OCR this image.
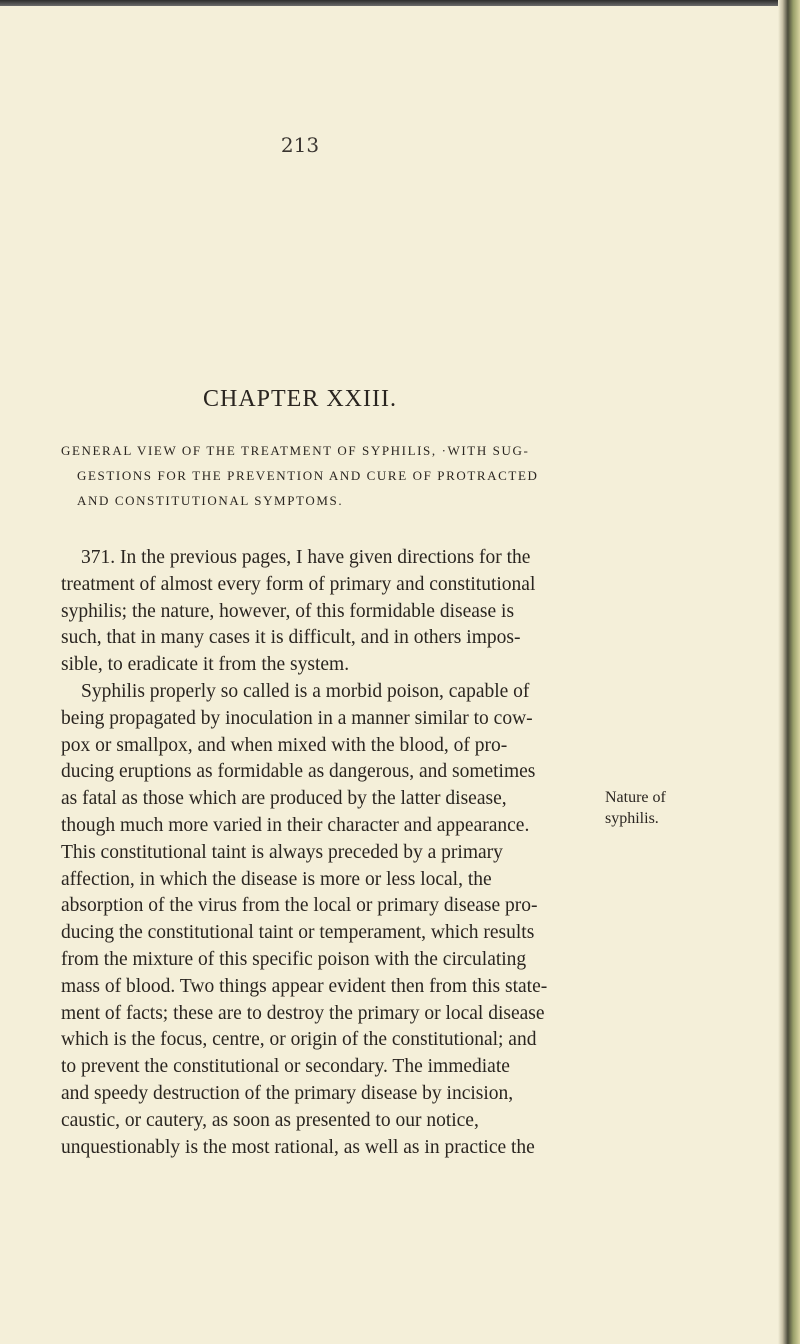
213
CHAPTER XXIII.
GENERAL VIEW OF THE TREATMENT OF SYPHILIS, ·WITH SUG-
GESTIONS FOR THE PREVENTION AND CURE OF PROTRACTED
AND CONSTITUTIONAL SYMPTOMS.
371. In the previous pages, I have given directions for the
treatment of almost every form of primary and constitutional
syphilis; the nature, however, of this formidable disease is
such, that in many cases it is difficult, and in others impos-
sible, to eradicate it from the system.
Syphilis properly so called is a morbid poison, capable of
being propagated by inoculation in a manner similar to cow-
pox or smallpox, and when mixed with the blood, of pro-
ducing eruptions as formidable as dangerous, and sometimes
as fatal as those which are produced by the latter disease,
though much more varied in their character and appearance.
This constitutional taint is always preceded by a primary
affection, in which the disease is more or less local, the
absorption of the virus from the local or primary disease pro-
ducing the constitutional taint or temperament, which results
from the mixture of this specific poison with the circulating
mass of blood. Two things appear evident then from this state-
ment of facts; these are to destroy the primary or local disease
which is the focus, centre, or origin of the constitutional; and
to prevent the constitutional or secondary. The immediate
and speedy destruction of the primary disease by incision,
caustic, or cautery, as soon as presented to our notice,
unquestionably is the most rational, as well as in practice the
Nature of
syphilis.
